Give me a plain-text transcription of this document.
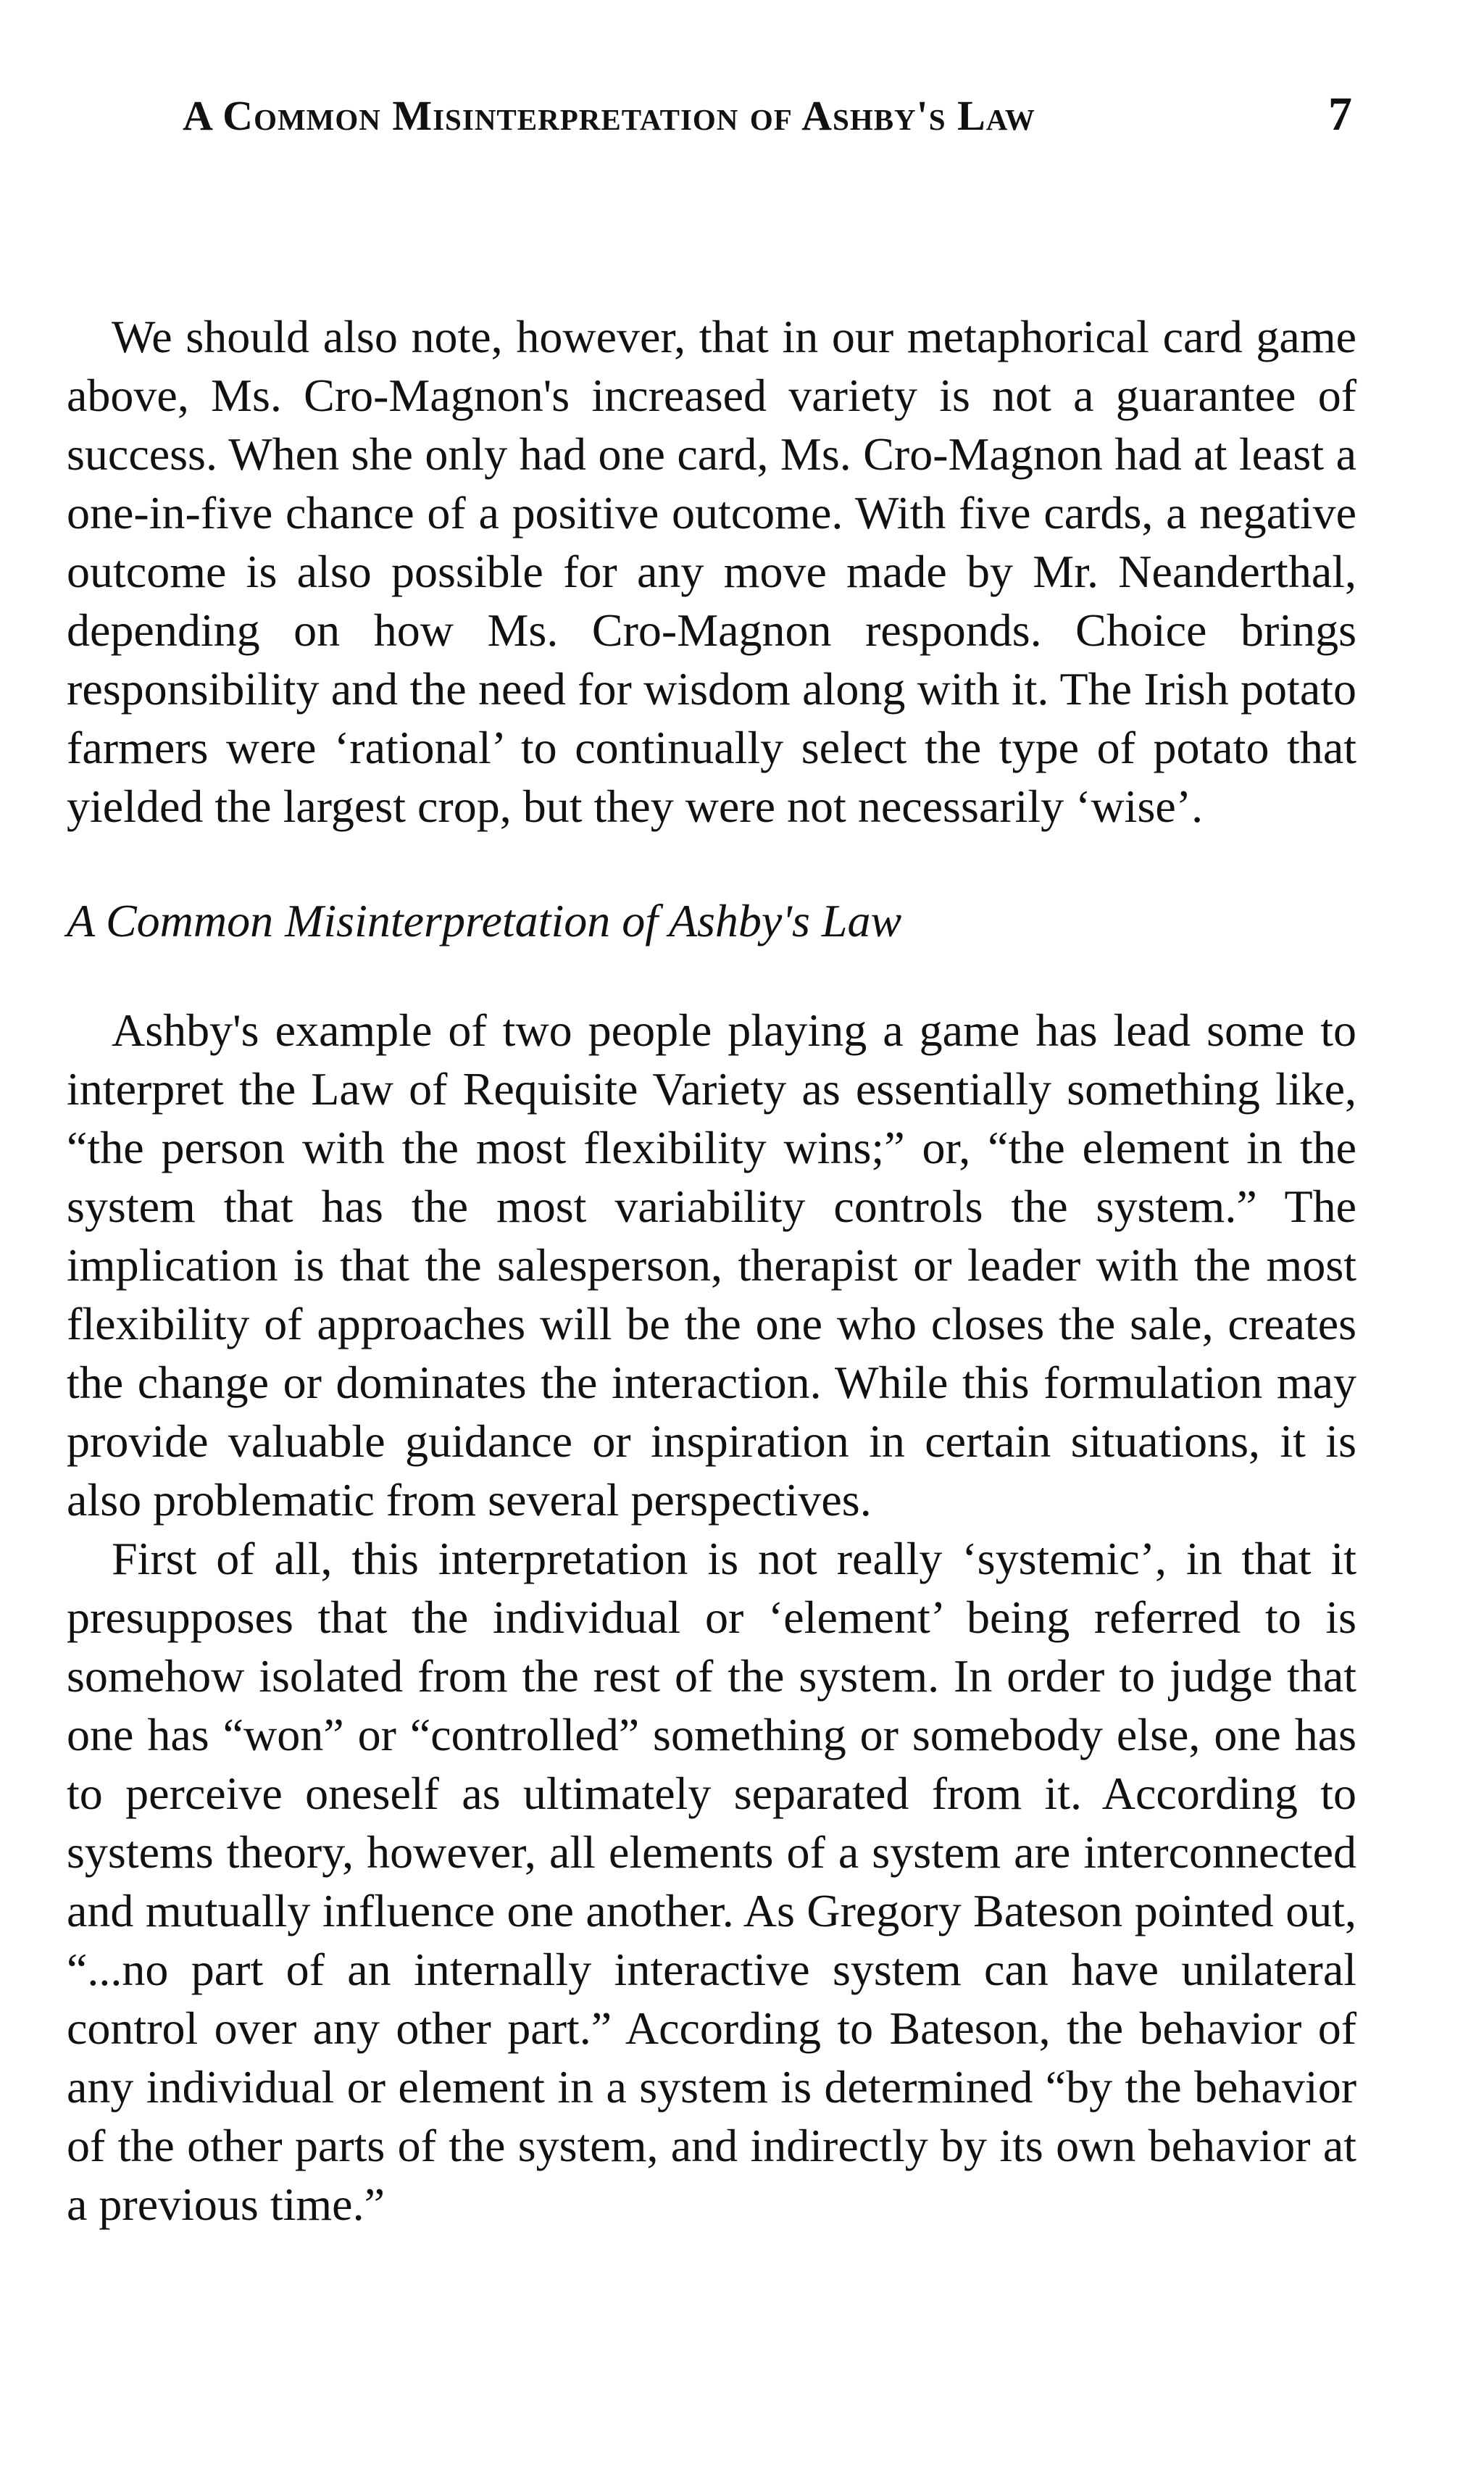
A Common Misinterpretation of Ashby's Law	7

We should also note, however, that in our metaphorical card game above, Ms. Cro-Magnon's increased variety is not a guarantee of success. When she only had one card, Ms. Cro-Magnon had at least a one-in-five chance of a positive outcome. With five cards, a negative outcome is also possible for any move made by Mr. Neanderthal, depending on how Ms. Cro-Magnon responds. Choice brings responsibility and the need for wisdom along with it. The Irish potato farmers were ‘rational’ to continually select the type of potato that yielded the largest crop, but they were not necessarily ‘wise’.

A Common Misinterpretation of Ashby's Law

Ashby's example of two people playing a game has lead some to interpret the Law of Requisite Variety as essentially something like, “the person with the most flexibility wins;” or, “the element in the system that has the most variability controls the system.” The implication is that the salesperson, therapist or leader with the most flexibility of approaches will be the one who closes the sale, creates the change or dominates the interaction. While this formulation may provide valuable guidance or inspiration in certain situations, it is also problematic from several perspectives.

First of all, this interpretation is not really ‘systemic’, in that it presupposes that the individual or ‘element’ being referred to is somehow isolated from the rest of the system. In order to judge that one has “won” or “controlled” something or somebody else, one has to perceive oneself as ultimately separated from it. According to systems theory, however, all elements of a system are interconnected and mutually influence one another. As Gregory Bateson pointed out, “...no part of an internally interactive system can have unilateral control over any other part.” According to Bateson, the behavior of any individual or element in a system is determined “by the behavior of the other parts of the system, and indirectly by its own behavior at a previous time.”
